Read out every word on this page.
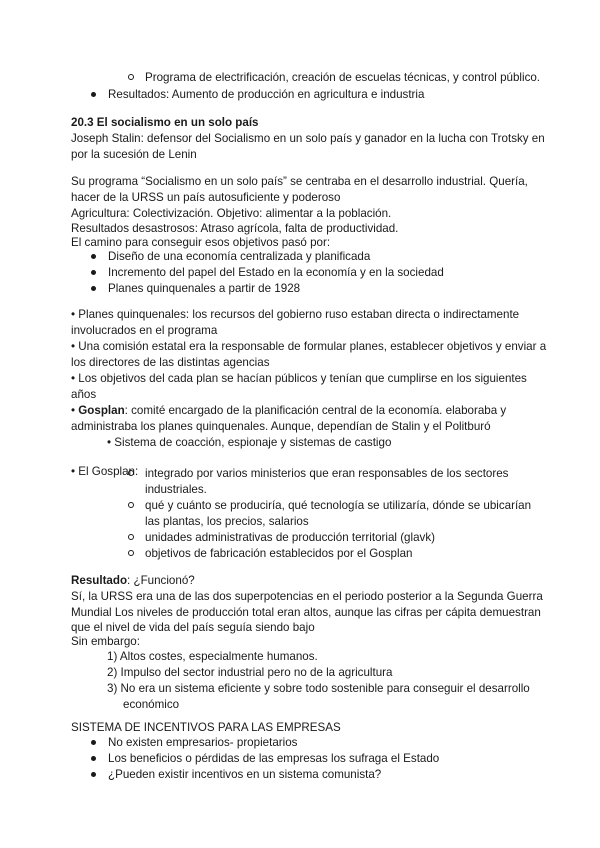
Programa de electrificación, creación de escuelas técnicas, y control público.
Resultados: Aumento de producción en agricultura e industria
20.3 El socialismo en un solo país
Joseph Stalin: defensor del Socialismo en un solo país y ganador en la lucha con Trotsky en
por la sucesión de Lenin
Su programa “Socialismo en un solo país” se centraba en el desarrollo industrial. Quería,
hacer de la URSS un país autosuficiente y poderoso
Agricultura: Colectivización. Objetivo: alimentar a la población.
Resultados desastrosos: Atraso agrícola, falta de productividad.
El camino para conseguir esos objetivos pasó por:
Diseño de una economía centralizada y planificada
Incremento del papel del Estado en la economía y en la sociedad
Planes quinquenales a partir de 1928
• Planes quinquenales: los recursos del gobierno ruso estaban directa o indirectamente
involucrados en el programa
• Una comisión estatal era la responsable de formular planes, establecer objetivos y enviar a
los directores de las distintas agencias
• Los objetivos del cada plan se hacían públicos y tenían que cumplirse en los siguientes
años
• Gosplan: comité encargado de la planificación central de la economía. elaboraba y
administraba los planes quinquenales. Aunque, dependían de Stalin y el Politburó
• Sistema de coacción, espionaje y sistemas de castigo
• El Gosplan: integrado por varios ministerios que eran responsables de los sectores
industriales.
qué y cuánto se produciría, qué tecnología se utilizaría, dónde se ubicarían
las plantas, los precios, salarios
unidades administrativas de producción territorial (glavk)
objetivos de fabricación establecidos por el Gosplan
Resultado: ¿Funcionó?
Sí, la URSS era una de las dos superpotencias en el periodo posterior a la Segunda Guerra
Mundial Los niveles de producción total eran altos, aunque las cifras per cápita demuestran
que el nivel de vida del país seguía siendo bajo
Sin embargo:
1) Altos costes, especialmente humanos.
2) Impulso del sector industrial pero no de la agricultura
3) No era un sistema eficiente y sobre todo sostenible para conseguir el desarrollo
económico
SISTEMA DE INCENTIVOS PARA LAS EMPRESAS
No existen empresarios- propietarios
Los beneficios o pérdidas de las empresas los sufraga el Estado
¿Pueden existir incentivos en un sistema comunista?
